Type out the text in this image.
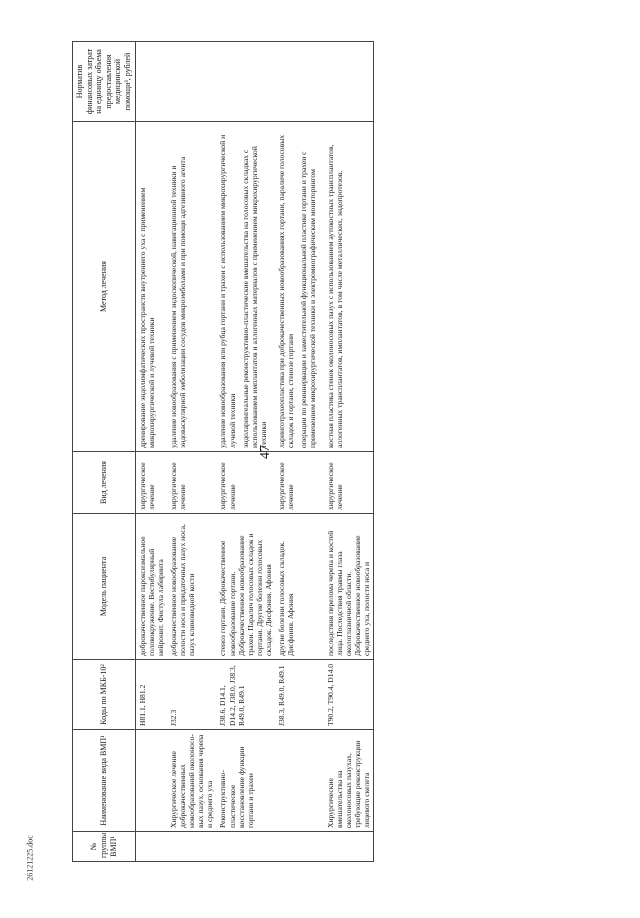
47
№ группы ВМП¹	Наименование вида ВМП¹	Коды по МКБ-10²	Модель пациента	Вид лечения	Метод лечения	Норматив финансовых затрат на единицу объема предоставления медицинской помощи³, рублей
		H81.1, H81.2	доброкачественное пароксизмальное головокружение. Вестибулярный нейронит. Фистула лабиринта	хирургическое лечение	дренирование эндолимфатических пространств внутреннего уха с применением микрохирургической и лучевой техники	

	Хирургическое лечение доброкачественных новообразований околоносо-вых пазух, основания черепа и среднего уха	J32.3	доброкачественное новообразование полости носа и придаточных пазух носа, пазух клиновидной кости	хирургическое лечение	удаление новообразования с применением эндоскопической, навигационной техники и эндоваскулярной эмболизации сосудов микроэмболами и при помощи адгезивного агента	

	Реконструктивно-пластическое восстановление функции гортани и трахеи	J38.6, D14.1, D14.2, J38.0, J38.3, R49.0, R49.1	стеноз гортани. Доброкачественное новообразование гортани. Доброкачественное новообразование трахеи. Паралич голосовых складок и гортани. Другие болезни голосовых складок. Дисфония. Афония	хирургическое лечение	удаление новообразования или рубца гортани и трахеи с использованием микрохирургической и лучевой техники эндоларингеальные реконструктивно-пластические вмешательства на голосовых складках с использованием имплантатов и аллогенных материалов с применением микрохирургической техники	

		J38.3, R49.0, R49.1	другие болезни голосовых складок. Дисфония. Афония	хирургическое лечение	ларинготрахеопластика при доброкачественных новообразованиях гортани, параличе голосовых складок и гортани, стенозе гортани операции по реиннервации и заместительной функциональной пластике гортани и трахеи с применением микрохирургической техники и электромиографическим мониторингом	

	Хирургические вмешательства на околоносовых пазухах, требующие реконструкции лицевого скелета	T90.2, T90.4, D14.0	последствия перелома черепа и костей лица. Последствия травмы глаза окологлазничной области. Доброкачественное новообразование среднего уха, полости носа и	хирургическое лечение	костная пластика стенок околоносовых пазух с использованием аутокостных трансплантатов, аллогенных трансплантатов, имплантатов, в том числе металлических, эндопротезов,	

26121225.doc
